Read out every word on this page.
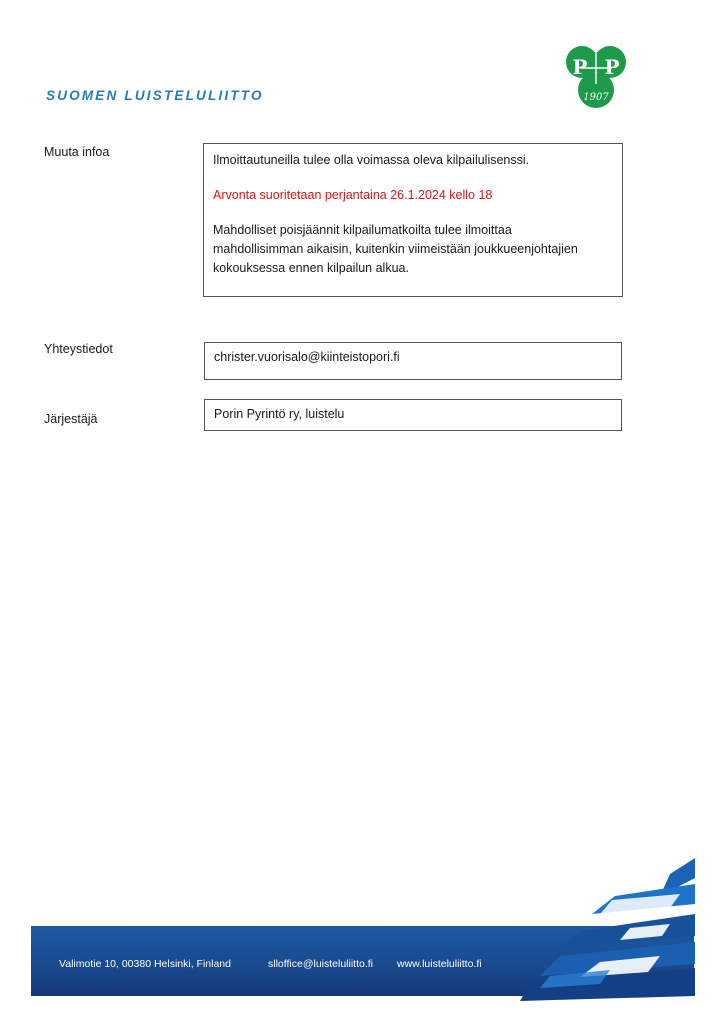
SUOMEN LUISTELULIITTO
P P
1907
Muuta infoa

Ilmoittautuneilla tulee olla voimassa oleva kilpailulisenssi.

Arvonta suoritetaan perjantaina 26.1.2024 kello 18

Mahdolliset poisjäännit kilpailumatkoilta tulee ilmoittaa

mahdollisimman aikaisin, kuitenkin viimeistään joukkueenjohtajien

kokouksessa ennen kilpailun alkua.

Yhteystiedot
christer.vuorisalo@kiinteistopori.fi
Järjestäjä	Porin Pyrintö ry, luistelu
Valimotie 10, 00380 Helsinki, Finland	slloffice@luisteluliitto.fi www.luisteluliitto.fi
